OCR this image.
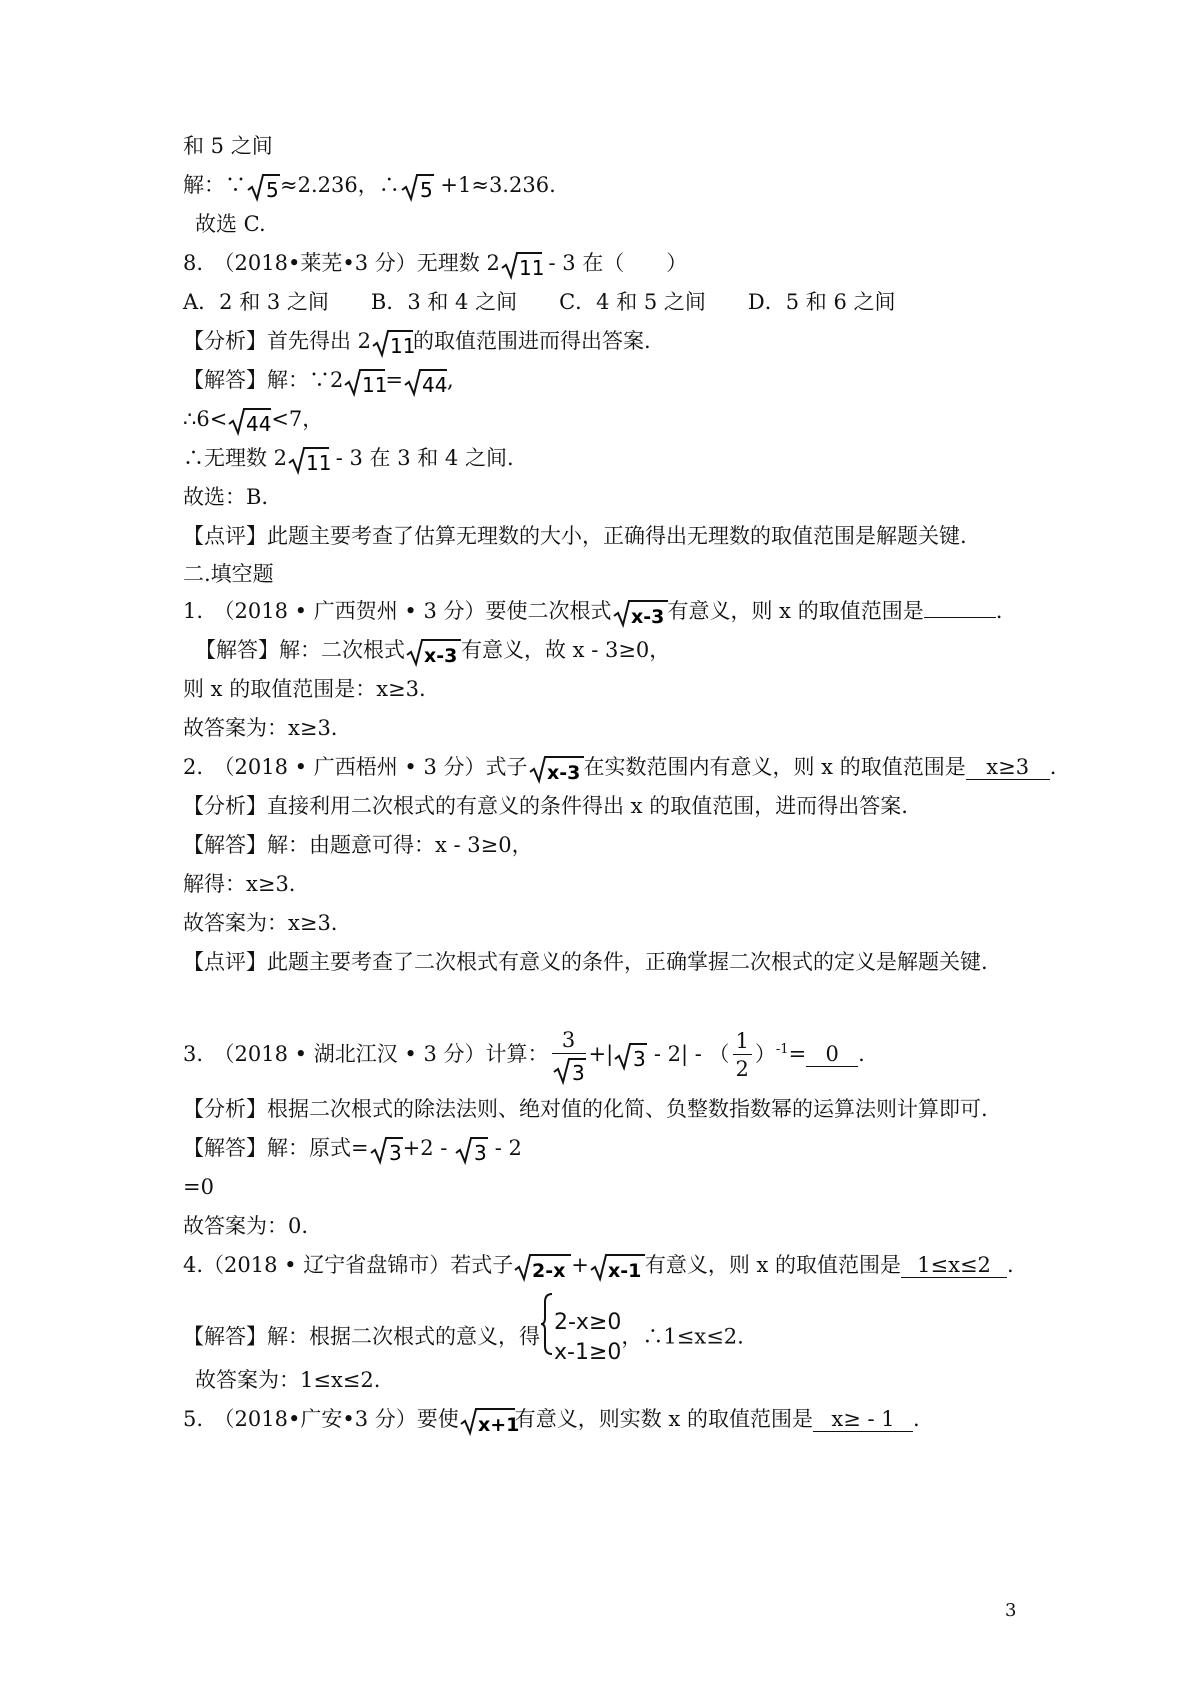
和 5 之间
解：∵ 5 ≈2.236，∴ 5 +1≈3.236.
故选 C.
8.　（2018•莱芜•3 分）无理数 2 11
- 3 在（　　）
A．2 和 3 之间　　B．3 和 4 之间　　C．4 和 5 之间　　D．5 和 6 之间
【分析】首先得出 2 11
的取值范围进而得出答案.
【解答】解：∵2 11
= 44 ,
∴6< 44 <7，
∴无理数 2 11
- 3 在 3 和 4 之间.
故选：B.
【点评】此题主要考查了估算无理数的大小，正确得出无理数的取值范围是解题关键.
二.填空题
1.　（2018 • 广西贺州 • 3 分）要使二次根式 x-3 有意义，则 x 的取值范围是	.
【解答】解：二次根式 x-3 有意义，故 x - 3≥0，
则 x 的取值范围是：x≥3.
故答案为：x≥3.
2.　（2018 • 广西梧州 • 3 分）式子 x-3 在实数范围内有意义，则 x 的取值范围是 x≥3 .
【分析】直接利用二次根式的有意义的条件得出 x 的取值范围，进而得出答案.
【解答】解：由题意可得：x - 3≥0，
解得：x≥3.
故答案为：x≥3.
【点评】此题主要考查了二次根式有意义的条件，正确掌握二次根式的定义是解题关键.
3.　（2018 • 湖北江汉 • 3 分）计算： $\frac{3}{3}$ +| 3 - 2| - （ $\frac{1}{2} )^{-1}= 0$ .
【分析】根据二次根式的除法法则、绝对值的化简、负整数指数幂的运算法则计算即可.
【解答】解：原式= 3 +2 - 3 - 2
=0
故答案为：0.
4.（2018 • 辽宁省盘锦市）若式子 2-x + x-1 有意义，则 x 的取值范围是 1≤x≤2 .
【解答】解：根据二次根式的意义，得
2-x≥0
x-1≥0
，∴1≤x≤2.
故答案为：1≤x≤2.
5.　（2018•广安•3 分）要使 x+1
有意义，则实数 x 的取值范围是 x≥ - 1 .
3
